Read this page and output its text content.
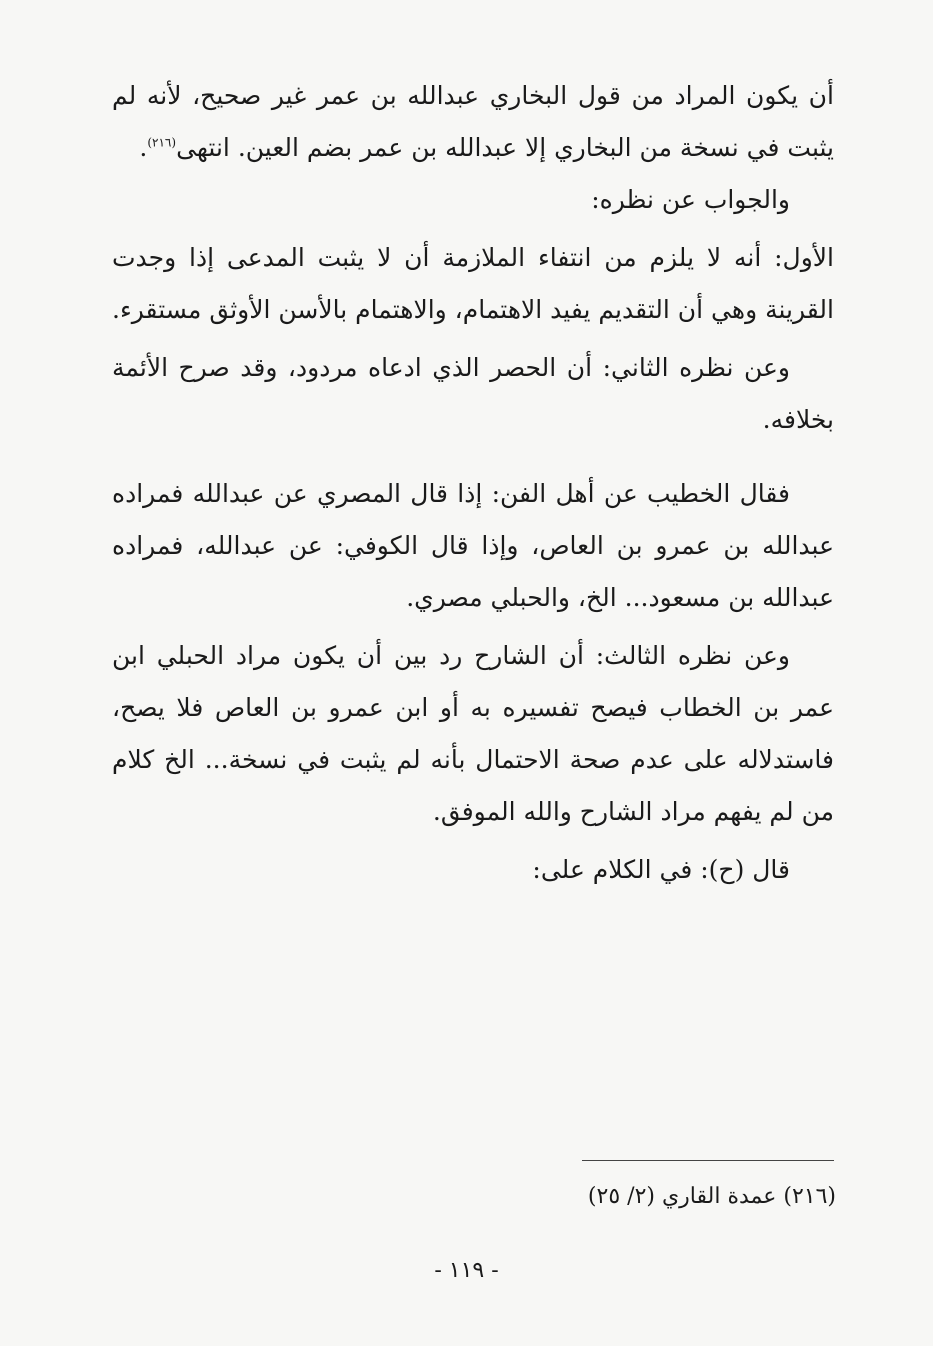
أن يكون المراد من قول البخاري عبدالله بن عمر غير صحيح، لأنه لم يثبت في نسخة من البخاري إلا عبدالله بن عمر بضم العين. انتهى$^{(٢١٦)}$.

والجواب عن نظره:

الأول: أنه لا يلزم من انتفاء الملازمة أن لا يثبت المدعى إذا وجدت القرينة وهي أن التقديم يفيد الاهتمام، والاهتمام بالأسن الأوثق مستقرء.

وعن نظره الثاني: أن الحصر الذي ادعاه مردود، وقد صرح الأئمة بخلافه.

فقال الخطيب عن أهل الفن: إذا قال المصري عن عبدالله فمراده عبدالله بن عمرو بن العاص، وإذا قال الكوفي: عن عبدالله، فمراده عبدالله بن مسعود... الخ، والحبلي مصري.

وعن نظره الثالث: أن الشارح رد بين أن يكون مراد الحبلي ابن عمر بن الخطاب فيصح تفسيره به أو ابن عمرو بن العاص فلا يصح، فاستدلاله على عدم صحة الاحتمال بأنه لم يثبت في نسخة... الخ كلام من لم يفهم مراد الشارح والله الموفق.

قال (ح): في الكلام على:

(٢١٦) عمدة القاري (٢/ ٢٥)
- ١١٩ -
